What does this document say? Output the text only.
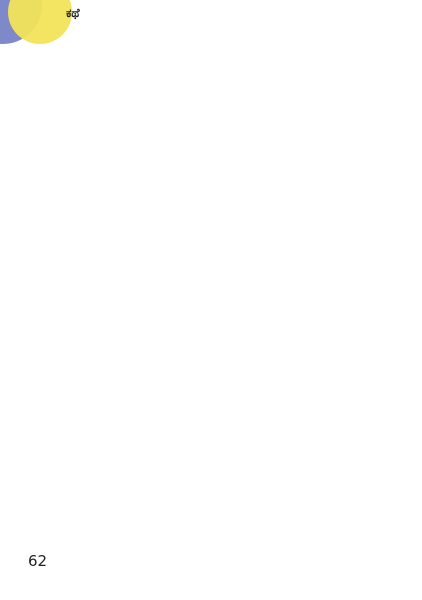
ಕಥೆ

62
